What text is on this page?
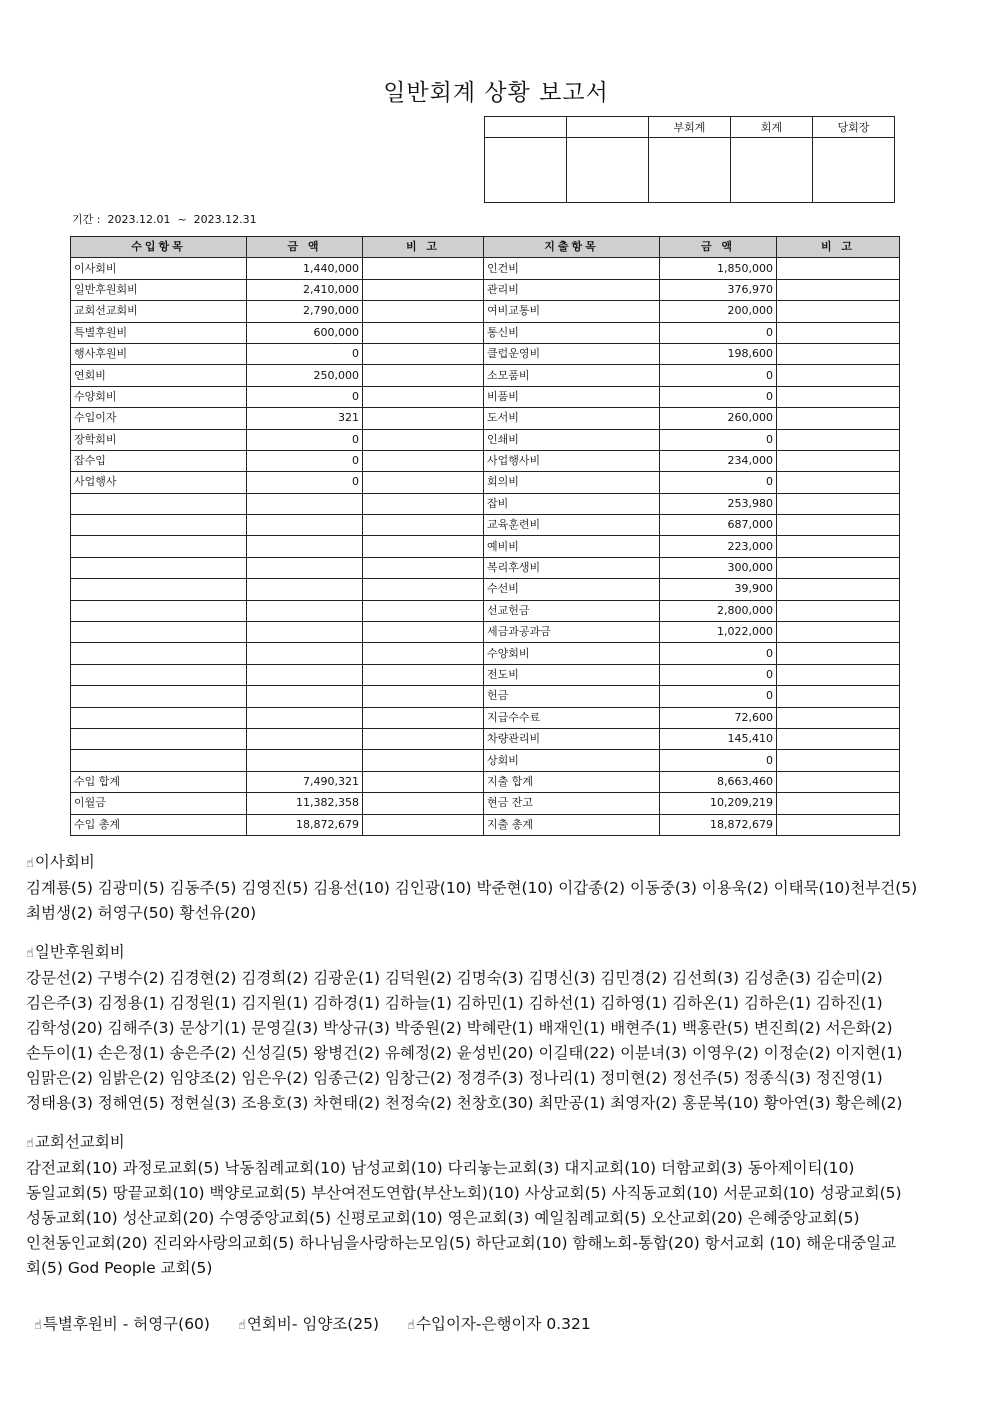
일반회계 상황 보고서
		부회계	회계	당회장

기간 : 2023.12.01 ~ 2023.12.31
수입항목	금 액	비 고	지출항목	금 액	비 고
이사회비	1,440,000		인건비	1,850,000	
일반후원회비	2,410,000		관리비	376,970	
교회선교회비	2,790,000		여비교통비	200,000	
특별후원비	600,000		통신비	0	
행사후원비	0		클럽운영비	198,600	
연회비	250,000		소모품비	0	
수양회비	0		비품비	0	
수입이자	321		도서비	260,000	
장학회비	0		인쇄비	0	
잡수입	0		사업행사비	234,000	
사업행사	0		회의비	0	
			잡비	253,980	
			교육훈련비	687,000	
			예비비	223,000	
			복리후생비	300,000	
			수선비	39,900	
			선교헌금	2,800,000	
			세금과공과금	1,022,000	
			수양회비	0	
			전도비	0	
			헌금	0	
			지급수수료	72,600	
			차량관리비	145,410	
			상회비	0	
수입 합계	7,490,321		지출 합계	8,663,460	
이월금	11,382,358		현금 잔고	10,209,219	
수입 총계	18,872,679		지출 총계	18,872,679	
☝이사회비
김계룡(5) 김광미(5) 김동주(5) 김영진(5) 김용선(10) 김인광(10) 박준현(10) 이갑종(2) 이동중(3) 이용욱(2) 이태묵(10)천부건(5)
최범생(2) 허영구(50) 황선유(20)
☝일반후원회비
강문선(2) 구병수(2) 김경현(2) 김경희(2) 김광운(1) 김덕원(2) 김명숙(3) 김명신(3) 김민경(2) 김선희(3) 김성춘(3) 김순미(2)
김은주(3) 김정용(1) 김정원(1) 김지원(1) 김하경(1) 김하늘(1) 김하민(1) 김하선(1) 김하영(1) 김하온(1) 김하은(1) 김하진(1)
김학성(20) 김해주(3) 문상기(1) 문영길(3) 박상규(3) 박중원(2) 박혜란(1) 배재인(1) 배현주(1) 백홍란(5) 변진희(2) 서은화(2)
손두이(1) 손은정(1) 송은주(2) 신성길(5) 왕병건(2) 유혜정(2) 윤성빈(20) 이길태(22) 이분녀(3) 이영우(2) 이정순(2) 이지현(1)
임맑은(2) 임밝은(2) 임양조(2) 임은우(2) 임종근(2) 임창근(2) 정경주(3) 정나리(1) 정미현(2) 정선주(5) 정종식(3) 정진영(1)
정태용(3) 정해연(5) 정현실(3) 조용호(3) 차현태(2) 천정숙(2) 천창호(30) 최만공(1) 최영자(2) 홍문복(10) 황아연(3) 황은혜(2)
☝교회선교회비
감전교회(10) 과정로교회(5) 낙동침례교회(10) 남성교회(10) 다리놓는교회(3) 대지교회(10) 더함교회(3) 동아제이티(10)
동일교회(5) 땅끝교회(10) 백양로교회(5) 부산여전도연합(부산노회)(10) 사상교회(5) 사직동교회(10) 서문교회(10) 성광교회(5)
성동교회(10) 성산교회(20) 수영중앙교회(5) 신평로교회(10) 영은교회(3) 예일침례교회(5) 오산교회(20) 은혜중앙교회(5)
인천동인교회(20) 진리와사랑의교회(5) 하나님을사랑하는모임(5) 하단교회(10) 함해노회-통합(20) 항서교회 (10) 해운대중일교
회(5) God People 교회(5)
☝특별후원비 - 허영구(60) ☝연회비- 임양조(25) ☝수입이자-은행이자 0.321
